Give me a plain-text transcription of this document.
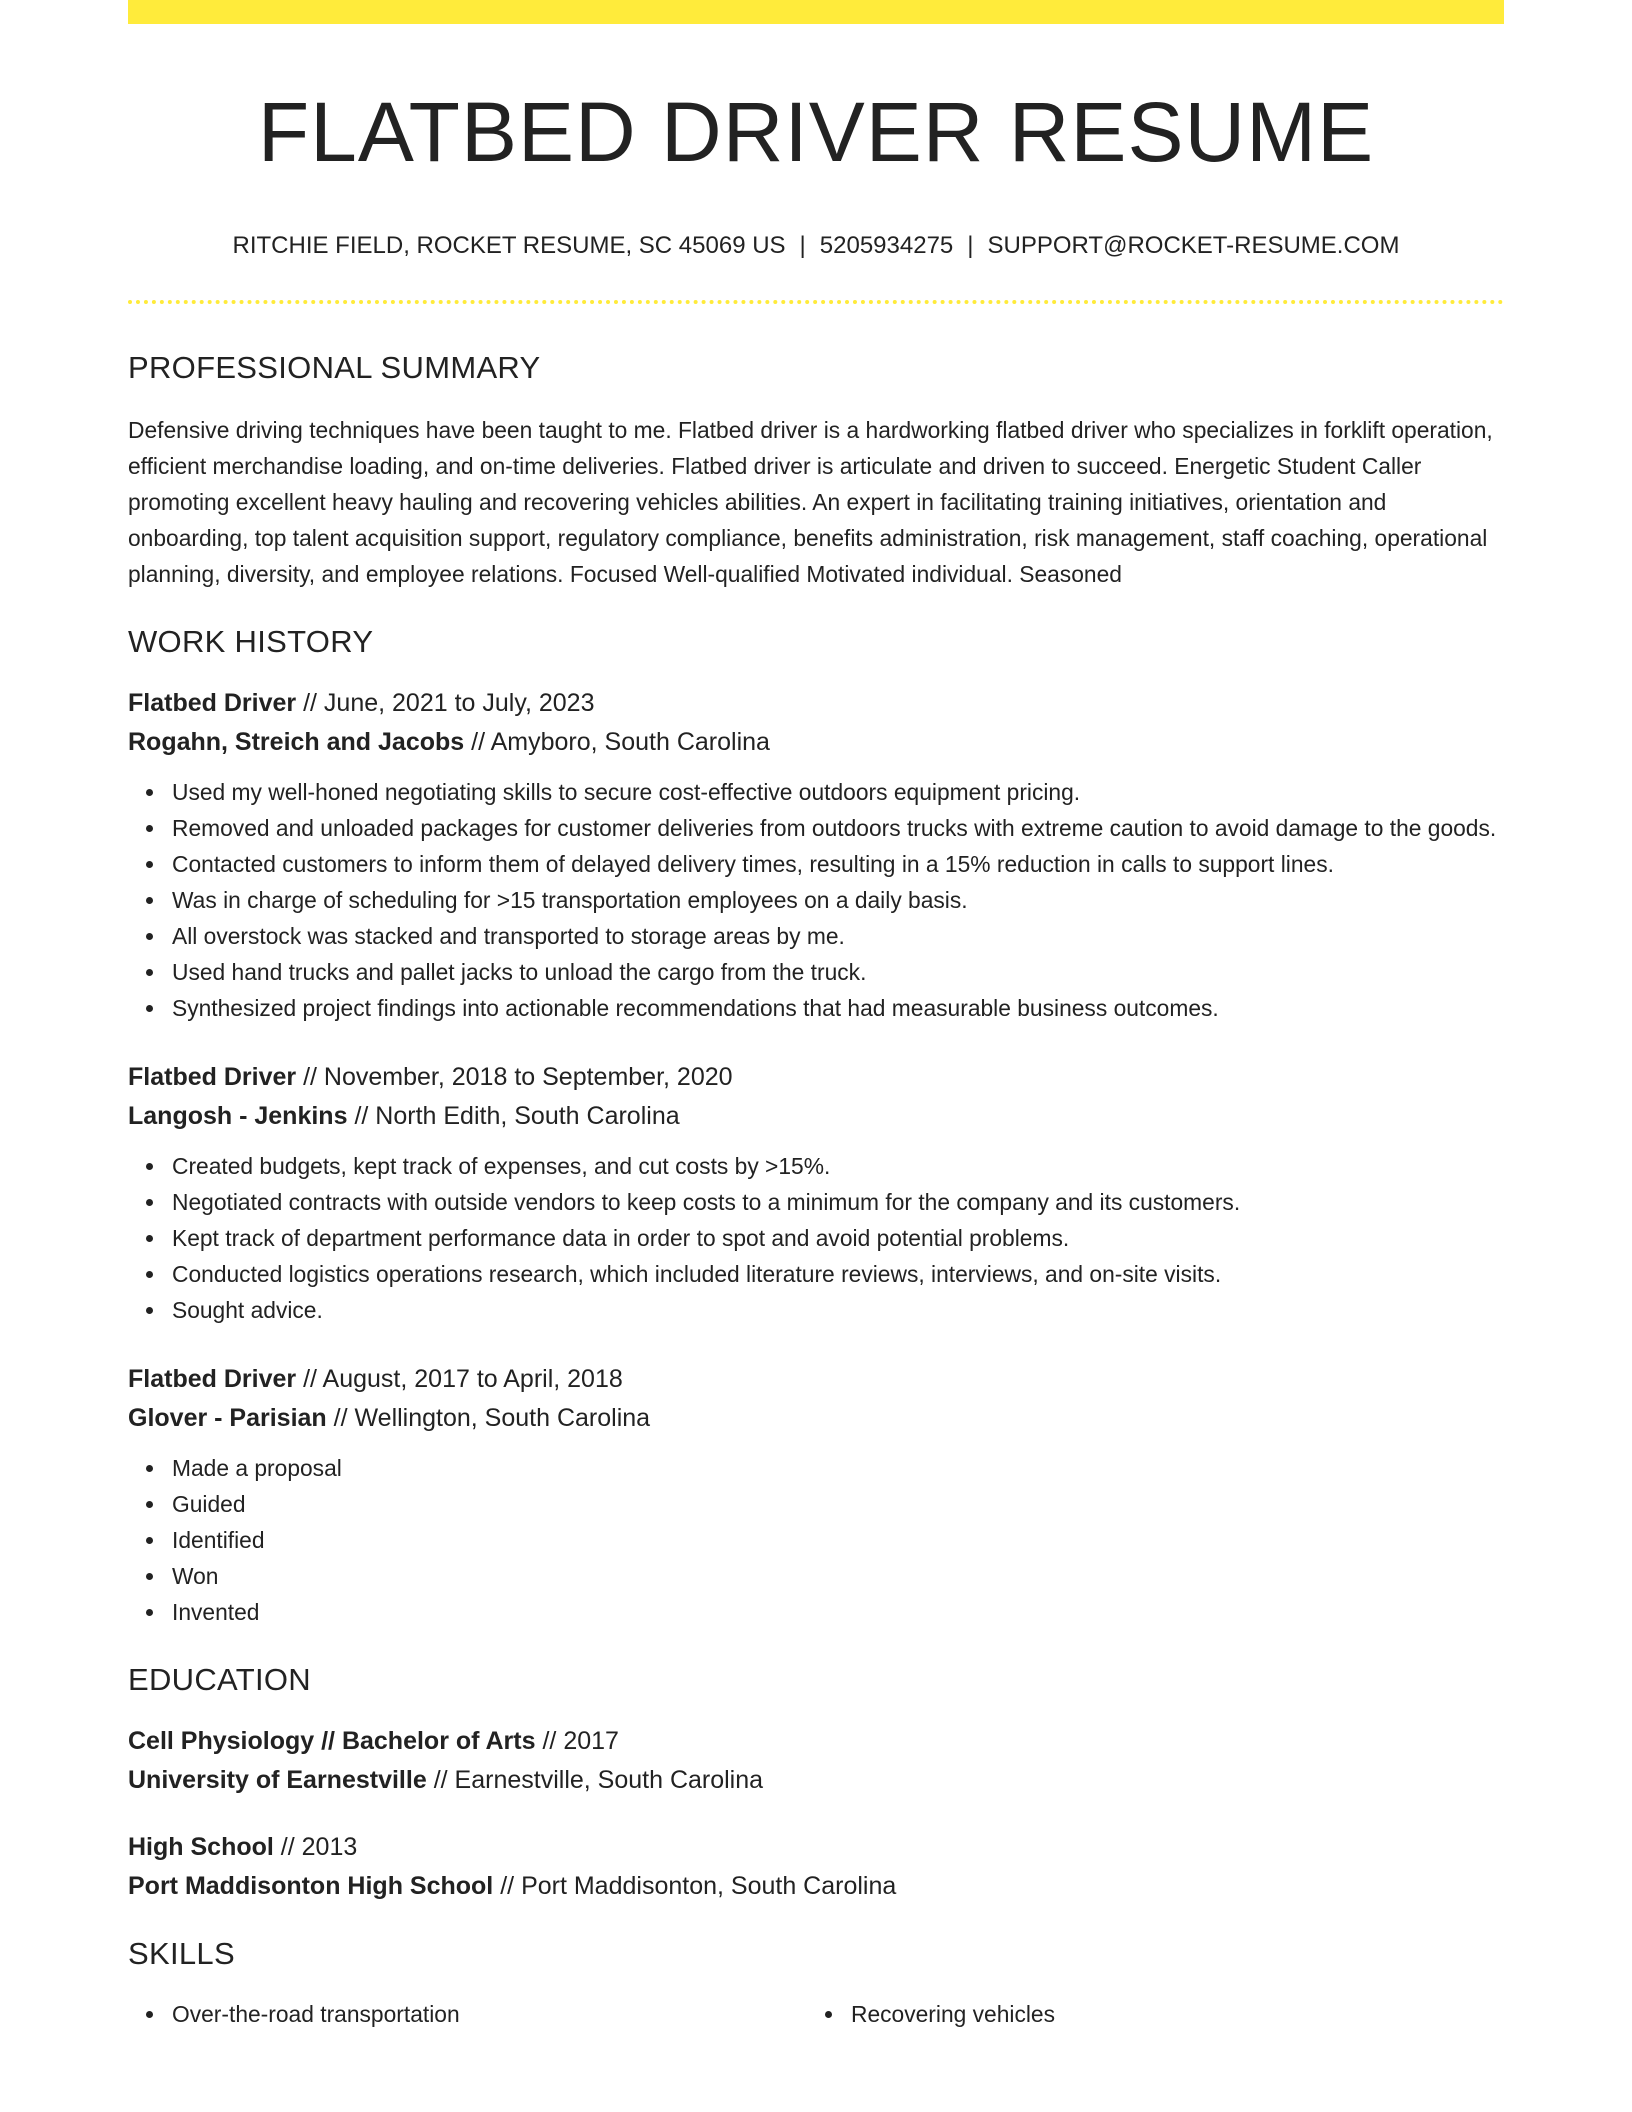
FLATBED DRIVER RESUME
RITCHIE FIELD, ROCKET RESUME, SC 45069 US | 5205934275 | SUPPORT@ROCKET-RESUME.COM
PROFESSIONAL SUMMARY
Defensive driving techniques have been taught to me. Flatbed driver is a hardworking flatbed driver who specializes in forklift operation, efficient merchandise loading, and on-time deliveries. Flatbed driver is articulate and driven to succeed. Energetic Student Caller promoting excellent heavy hauling and recovering vehicles abilities. An expert in facilitating training initiatives, orientation and onboarding, top talent acquisition support, regulatory compliance, benefits administration, risk management, staff coaching, operational planning, diversity, and employee relations. Focused Well-qualified Motivated individual. Seasoned
WORK HISTORY
Flatbed Driver // June, 2021 to July, 2023
Rogahn, Streich and Jacobs // Amyboro, South Carolina
Used my well-honed negotiating skills to secure cost-effective outdoors equipment pricing.
Removed and unloaded packages for customer deliveries from outdoors trucks with extreme caution to avoid damage to the goods.
Contacted customers to inform them of delayed delivery times, resulting in a 15% reduction in calls to support lines.
Was in charge of scheduling for >15 transportation employees on a daily basis.
All overstock was stacked and transported to storage areas by me.
Used hand trucks and pallet jacks to unload the cargo from the truck.
Synthesized project findings into actionable recommendations that had measurable business outcomes.
Flatbed Driver // November, 2018 to September, 2020
Langosh - Jenkins // North Edith, South Carolina
Created budgets, kept track of expenses, and cut costs by >15%.
Negotiated contracts with outside vendors to keep costs to a minimum for the company and its customers.
Kept track of department performance data in order to spot and avoid potential problems.
Conducted logistics operations research, which included literature reviews, interviews, and on-site visits.
Sought advice.
Flatbed Driver // August, 2017 to April, 2018
Glover - Parisian // Wellington, South Carolina
Made a proposal
Guided
Identified
Won
Invented
EDUCATION
Cell Physiology // Bachelor of Arts // 2017
University of Earnestville // Earnestville, South Carolina
High School // 2013
Port Maddisonton High School // Port Maddisonton, South Carolina
SKILLS
Over-the-road transportation	Recovering vehicles
